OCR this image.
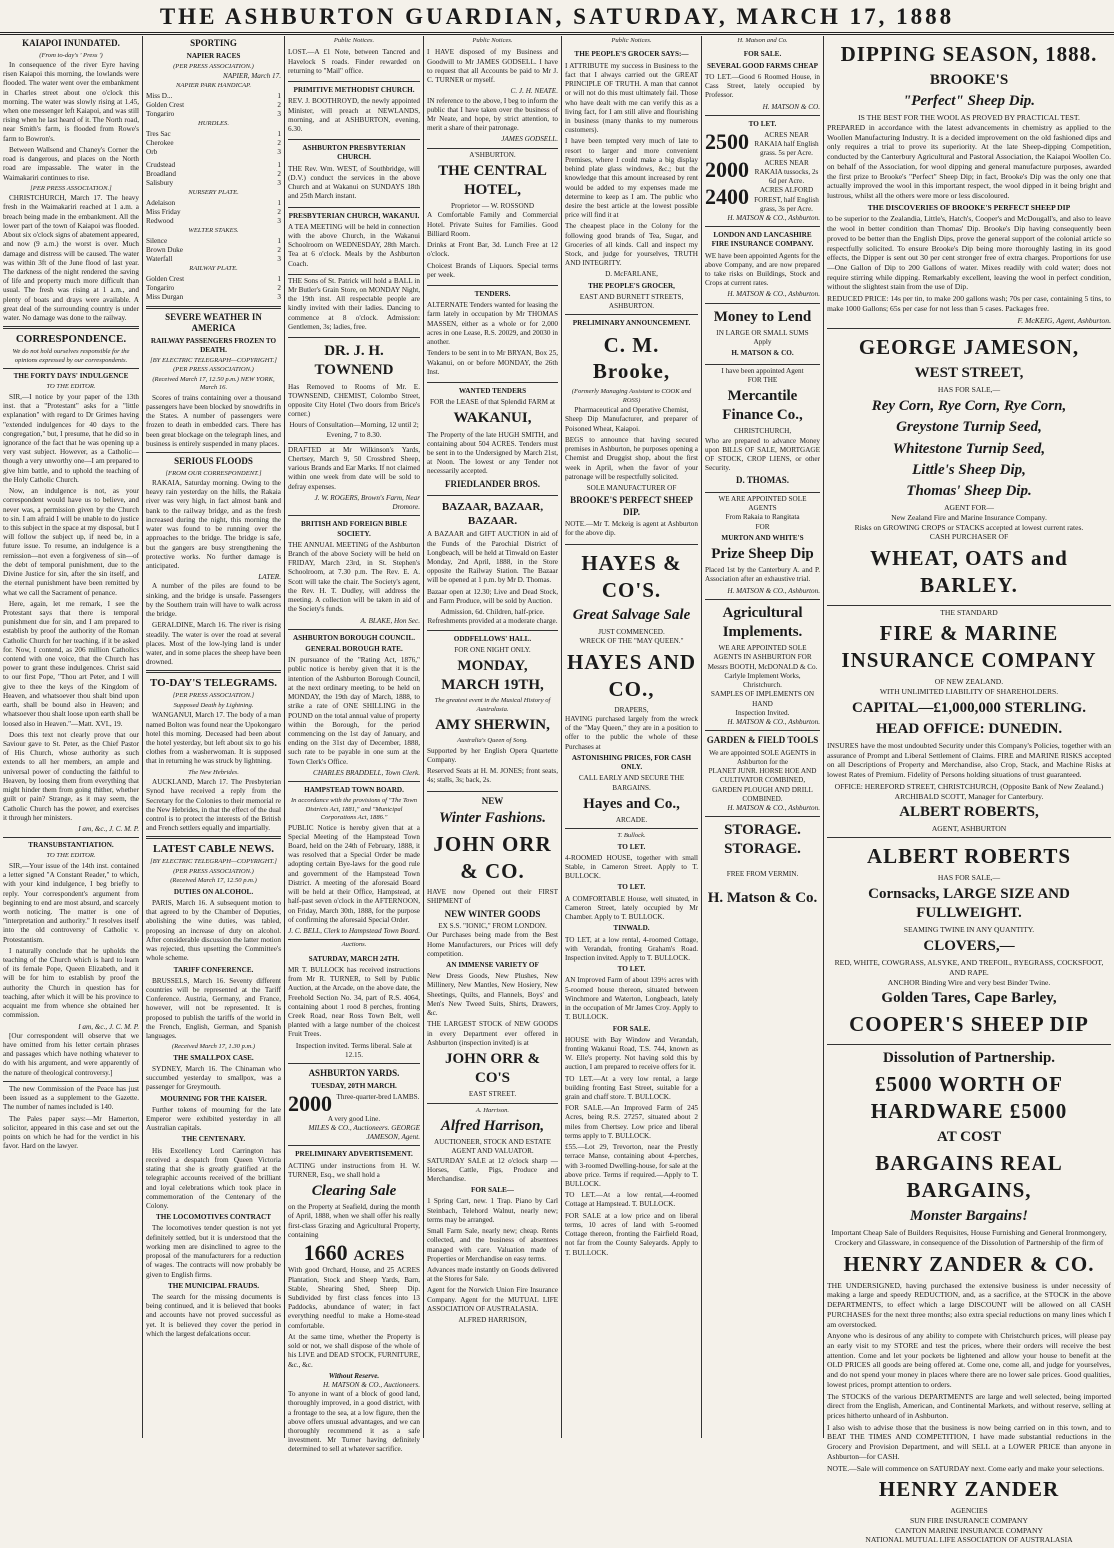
THE ASHBURTON GUARDIAN, SATURDAY, MARCH 17, 1888
KAIAPOI INUNDATED.
(From to-day's ' Press ')

In consequence of the river Eyre having risen Kaiapoi this morning, the lowlands were flooded. The water went over the embankment in Charles street about one o'clock this morning. The water was slowly rising at 1.45, when one messenger left Kaiapoi, and was still rising when he last heard of it. The North road, near Smith's farm, is flooded from Rowe's farm to Bowron's.

Between Wallsend and Chaney's Corner the road is dangerous, and places on the North road are impassable. The water in the Waimakariri continues to rise.

[PER PRESS ASSOCIATION.]

CHRISTCHURCH, March 17. The heavy fresh in the Waimakariri reached at 1 a.m. a breach being made in the embankment. All the lower part of the town of Kaiapoi was flooded. About six o'clock signs of abatement appeared, and now (9 a.m.) the worst is over. Much damage and distress will be caused. The water was within 3ft of the June flood of last year. The darkness of the night rendered the saving of life and property much more difficult than usual. The fresh was rising at 1 a.m., and plenty of boats and drays were available. A great deal of the surrounding country is under water. No damage was done to the railway.

CORRESPONDENCE.
We do not hold ourselves responsible for the opinions expressed by our correspondents.
THE FORTY DAYS' INDULGENCE
TO THE EDITOR.

SIR,—I notice by your paper of the 13th inst. that a "Protestant" asks for a "little explanation" with regard to Dr Grimes having "extended indulgences for 40 days to the congregation," but, I presume, that he did so in ignorance of the fact that he was opening up a very vast subject. However, as a Catholic—though a very unworthy one—I am prepared to give him battle, and to uphold the teaching of the Holy Catholic Church.

Now, an indulgence is not, as your correspondent would have us to believe, and never was, a permission given by the Church to sin. I am afraid I will be unable to do justice to this subject in the space at my disposal, but I will follow the subject up, if need be, in a future issue. To resume, an indulgence is a remission—not even a forgiveness of sin—of the debt of temporal punishment, due to the Divine Justice for sin, after the sin itself, and the eternal punishment have been remitted by what we call the Sacrament of penance.

Here, again, let me remark, I see the Protestant says that there is temporal punishment due for sin, and I am prepared to establish by proof the authority of the Roman Catholic Church for her teaching, if it be asked for. Now, I contend, as 206 million Catholics contend with one voice, that the Church has power to grant these indulgences. Christ said to our first Pope, "Thou art Peter, and I will give to thee the keys of the Kingdom of Heaven, and whatsoever thou shalt bind upon earth, shall be bound also in Heaven; and whatsoever thou shalt loose upon earth shall be loosed also in Heaven."—Matt. XVI., 19.

Does this text not clearly prove that our Saviour gave to St. Peter, as the Chief Pastor of His Church, whose authority as such extends to all her members, an ample and universal power of conducting the faithful to Heaven, by loosing them from everything that might hinder them from going thither, whether guilt or pain? Strange, as it may seem, the Catholic Church has the power, and exercises it through her ministers.

I am, &c., J. C. M. P.
TRANSUBSTANTIATION.
TO THE EDITOR.

SIR,—Your issue of the 14th inst. contained a letter signed "A Constant Reader," to which, with your kind indulgence, I beg briefly to reply. Your correspondent's argument from beginning to end are most absurd, and scarcely worth noticing. The matter is one of "interpretation and authority." It resolves itself into the old controversy of Catholic v. Protestantism.

I naturally conclude that he upholds the teaching of the Church which is hard to learn of its female Pope, Queen Elizabeth, and it will be for him to establish by proof the authority the Church in question has for teaching, after which it will be his province to acquaint me from whence she obtained her commission.

I am, &c., J. C. M. P.

[Our correspondent will observe that we have omitted from his letter certain phrases and passages which have nothing whatever to do with his argument, and were apparently of the nature of theological controversy.]

The new Commission of the Peace has just been issued as a supplement to the Gazette. The number of names included is 140.

The Pales paper says:—Mr Hamerton, solicitor, appeared in this case and set out the points on which he had for the verdict in his favor. Hard on the lawyer.

SPORTING
NAPIER RACES
(PER PRESS ASSOCIATION.)
NAPIER, March 17.
NAPIER PARK HANDICAP.
Miss D...	1
Golden Crest	2
Tongariro	3
HURDLES.
Tres Sac	1
Cherokee	2
Orb	3
Crudstead	1
Broadland	2
Salisbury	3
NURSERY PLATE.
Adelaison	1
Miss Friday	2
Redwood	3
WELTER STAKES.
Silence	1
Brown Duke	2
Waterfall	3
RAILWAY PLATE.
Golden Crest	1
Tongariro	2
Miss Durgan	3
SEVERE WEATHER IN AMERICA
RAILWAY PASSENGERS FROZEN TO DEATH.
[BY ELECTRIC TELEGRAPH—COPYRIGHT.]
(PER PRESS ASSOCIATION.)
(Received March 17, 12.50 p.m.) NEW YORK, March 16.

Scores of trains containing over a thousand passengers have been blocked by snowdrifts in the States. A number of passengers were frozen to death in embedded cars. There has been great blockage on the telegraph lines, and business is entirely suspended in many places.

SERIOUS FLOODS
[FROM OUR CORRESPONDENT.]

RAKAIA, Saturday morning. Owing to the heavy rain yesterday on the hills, the Rakaia river was very high, in fact almost bank and bank to the railway bridge, and as the fresh increased during the night, this morning the water was found to be running over the approaches to the bridge. The bridge is safe, but the gangers are busy strengthening the protective works. No further damage is anticipated.

LATER.

A number of the piles are found to be sinking, and the bridge is unsafe. Passengers by the Southern train will have to walk across the bridge.

GERALDINE, March 16. The river is rising steadily. The water is over the road at several places. Most of the low-lying land is under water, and in some places the sheep have been drowned.

TO-DAY'S TELEGRAMS.
[PER PRESS ASSOCIATION.]
Supposed Death by Lightning.

WANGANUI, March 17. The body of a man named Bolton was found near the Upokongaro hotel this morning. Deceased had been about the hotel yesterday, but left about six to go his clothes from a washerwoman. It is supposed that in returning he was struck by lightning.

The New Hebrides.

AUCKLAND, March 17. The Presbyterian Synod have received a reply from the Secretary for the Colonies to their memorial re the New Hebrides, in that the effect of the dual control is to protect the interests of the British and French settlers equally and impartially.

LATEST CABLE NEWS.
[BY ELECTRIC TELEGRAPH—COPYRIGHT.]
(PER PRESS ASSOCIATION.)
(Received March 17, 12.50 p.m.)
DUTIES ON ALCOHOL.

PARIS, March 16. A subsequent motion to that agreed to by the Chamber of Deputies, abolishing the wine duties, was tabled, proposing an increase of duty on alcohol. After considerable discussion the latter motion was rejected, thus upsetting the Committee's whole scheme.

TARIFF CONFERENCE.

BRUSSELS, March 16. Seventy different countries will be represented at the Tariff Conference. Austria, Germany, and France, however, will not be represented. It is proposed to publish the tariffs of the world in the French, English, German, and Spanish languages.

(Received March 17, 1.30 p.m.)
THE SMALLPOX CASE.

SYDNEY, March 16. The Chinaman who succumbed yesterday to smallpox, was a passenger for Greymouth.

MOURNING FOR THE KAISER.

Further tokens of mourning for the late Emperor were exhibited yesterday in all Australian capitals.

THE CENTENARY.

His Excellency Lord Carrington has received a despatch from Queen Victoria stating that she is greatly gratified at the telegraphic accounts received of the brilliant and loyal celebrations which took place in commemoration of the Centenary of the Colony.

THE LOCOMOTIVES CONTRACT

The locomotives tender question is not yet definitely settled, but it is understood that the working men are disinclined to agree to the proposal of the manufacturers for a reduction of wages. The contracts will now probably be given to English firms.

THE MUNICIPAL FRAUDS.

The search for the missing documents is being continued, and it is believed that books and accounts have not proved successful as yet. It is believed they cover the period in which the largest defalcations occur.

Public Notices.

LOST.—A £1 Note, between Tancred and Havelock S roads. Finder rewarded on returning to "Mail" office.

PRIMITIVE METHODIST CHURCH.

REV. J. BOOTHROYD, the newly appointed Minister, will preach at NEWLANDS, morning, and at ASHBURTON, evening, 6.30.

ASHBURTON PRESBYTERIAN CHURCH.

THE Rev. Wm. WEST, of Southbridge, will (D.V.) conduct the services in the above Church and at Wakanui on SUNDAYS 18th and 25th March instant.

PRESBYTERIAN CHURCH, WAKANUI.

A TEA MEETING will be held in connection with the above Church, in the Wakanui Schoolroom on WEDNESDAY, 28th March. Tea at 6 o'clock. Meals by the Ashburton Coach.

THE Sons of St. Patrick will hold a BALL in Mr Butler's Grain Store, on MONDAY Night, the 19th inst. All respectable people are kindly invited with their ladies. Dancing to commence at 8 o'clock. Admission: Gentlemen, 3s; ladies, free.

DR. J. H. TOWNEND

Has Removed to Rooms of Mr. E. TOWNSEND, CHEMIST, Colombo Street, opposite City Hotel (Two doors from Brice's corner.)

Hours of Consultation—Morning, 12 until 2; Evening, 7 to 8.30.

DRAFTED at Mr Wilkinson's Yards, Chertsey, March 9, 50 Crossbred Sheep, various Brands and Ear Marks. If not claimed within one week from date will be sold to defray expenses.

J. W. ROGERS, Brown's Farm, Near Dromore.
BRITISH AND FOREIGN BIBLE SOCIETY.

THE ANNUAL MEETING of the Ashburton Branch of the above Society will be held on FRIDAY, March 23rd, in St. Stephen's Schoolroom, at 7.30 p.m. The Rev. E. A. Scott will take the chair. The Society's agent, the Rev. H. T. Dudley, will address the meeting. A collection will be taken in aid of the Society's funds.

A. BLAKE, Hon Sec.
ASHBURTON BOROUGH COUNCIL.
GENERAL BOROUGH RATE.

IN pursuance of the "Rating Act, 1876," public notice is hereby given that it is the intention of the Ashburton Borough Council, at the next ordinary meeting, to be held on MONDAY, the 19th day of March, 1888, to strike a rate of ONE SHILLING in the POUND on the total annual value of property within the Borough, for the period commencing on the 1st day of January, and ending on the 31st day of December, 1888, such rate to be payable in one sum at the Town Clerk's Office.

CHARLES BRADDELL, Town Clerk.
HAMPSTEAD TOWN BOARD.
In accordance with the provisions of "The Town Districts Act, 1881," and "Municipal Corporations Act, 1886."

PUBLIC Notice is hereby given that at a Special Meeting of the Hampstead Town Board, held on the 24th of February, 1888, it was resolved that a Special Order be made adopting certain Bye-laws for the good rule and government of the Hampstead Town District. A meeting of the aforesaid Board will be held at their Office, Hampstead, at half-past seven o'clock in the AFTERNOON, on Friday, March 30th, 1888, for the purpose of confirming the aforesaid Special Order.

J. C. BELL, Clerk to Hampstead Town Board.
Auctions.
SATURDAY, MARCH 24TH.

MR T. BULLOCK has received instructions from Mr R. TURNER, to Sell by Public Auction, at the Arcade, on the above date, the Freehold Section No. 34, part of R.S. 4064, containing about 1 rood 8 perches, fronting Creek Road, near Ross Town Belt, well planted with a large number of the choicest Fruit Trees.

Inspection invited. Terms liberal. Sale at 12.15.
ASHBURTON YARDS.
TUESDAY, 20TH MARCH.
2000 Three-quarter-bred LAMBS.
A very good Line.
MILES & CO., Auctioneers. GEORGE JAMESON, Agent.
PRELIMINARY ADVERTISEMENT.

ACTING under instructions from H. W. TURNER, Esq., we shall hold a

Clearing Sale

on the Property at Seafield, during the month of April, 1888, when we shall offer his really first-class Grazing and Agricultural Property, containing

1660 ACRES

With good Orchard, House, and 25 ACRES Plantation, Stock and Sheep Yards, Barn, Stable, Shearing Shed, Sheep Dip. Subdivided by first class fences into 13 Paddocks, abundance of water; in fact everything needful to make a Home-stead comfortable.

At the same time, whether the Property is sold or not, we shall dispose of the whole of his LIVE and DEAD STOCK, FURNITURE, &c., &c.

Without Reserve.
H. MATSON & CO., Auctioneers.

To anyone in want of a block of good land, thoroughly improved, in a good district, with a frontage to the sea, at a low figure, then the above offers unusual advantages, and we can thoroughly recommend it as a safe investment. Mr Turner having definitely determined to sell at whatever sacrifice.

Public Notices.

I HAVE disposed of my Business and Goodwill to Mr JAMES GODSELL. I have to request that all Accounts be paid to Mr J. C. TURNER or myself.

C. J. H. NEATE.

IN reference to the above, I beg to inform the public that I have taken over the business of Mr Neate, and hope, by strict attention, to merit a share of their patronage.

JAMES GODSELL.
A'SHBURTON.
THE CENTRAL HOTEL,
Proprietor — W. ROSSOND

A Comfortable Family and Commercial Hotel. Private Suites for Families. Good Billiard Room.

Drinks at Front Bar, 3d. Lunch Free at 12 o'clock.

Choicest Brands of Liquors. Special terms per week.

TENDERS.

ALTERNATE Tenders wanted for leasing the farm lately in occupation by Mr THOMAS MASSEN, either as a whole or for 2,000 acres in one Lease, R.S. 20029, and 20030 in another.

Tenders to be sent in to Mr BRYAN, Box 25, Wakanui, on or before MONDAY, the 26th Inst.

WANTED TENDERS
FOR the LEASE of that Splendid FARM at
WAKANUI,

The Property of the late HUGH SMITH, and containing about 504 ACRES. Tenders must be sent in to the Undersigned by March 21st, at Noon. The lowest or any Tender not necessarily accepted.

FRIEDLANDER BROS.
BAZAAR, BAZAAR, BAZAAR.

A BAZAAR and GIFT AUCTION in aid of the Funds of the Parochial District of Longbeach, will be held at Tinwald on Easter Monday, 2nd April, 1888, in the Store opposite the Railway Station. The Bazaar will be opened at 1 p.m. by Mr D. Thomas.

Bazaar open at 12.30; Live and Dead Stock, and Farm Produce, will be sold by Auction.

Admission, 6d. Children, half-price.
Refreshments provided at a moderate charge.
ODDFELLOWS' HALL.
FOR ONE NIGHT ONLY.
MONDAY, MARCH 19TH,
The greatest event in the Musical History of Australasia.
AMY SHERWIN,
Australia's Queen of Song.

Supported by her English Opera Quartette Company.

Reserved Seats at H. M. JONES; front seats, 4s; stalls, 3s; back, 2s.

NEW
Winter Fashions.
JOHN ORR & CO.

HAVE now Opened out their FIRST SHIPMENT of

NEW WINTER GOODS
EX S.S. "IONIC," FROM LONDON.

Our Purchases being made from the Best Home Manufacturers, our Prices will defy competition.

AN IMMENSE VARIETY OF

New Dress Goods, New Plushes, New Millinery, New Mantles, New Hosiery, New Sheetings, Quilts, and Flannels, Boys' and Men's New Tweed Suits, Shirts, Drawers, &c.

THE LARGEST STOCK of NEW GOODS in every Department ever offered in Ashburton (inspection invited) is at

JOHN ORR & CO'S
EAST STREET.
A. Harrison.
Alfred Harrison,
AUCTIONEER, STOCK AND ESTATE AGENT AND VALUATOR.

SATURDAY SALE at 12 o'clock sharp — Horses, Cattle, Pigs, Produce and Merchandise.

FOR SALE—

1 Spring Cart, new. 1 Trap. Piano by Carl Steinbach, Telehord Walnut, nearly new; terms may be arranged.

Small Farm Sale, nearly new; cheap. Rents collected, and the business of absentees managed with care. Valuation made of Properties or Merchandise on easy terms.

Advances made instantly on Goods delivered at the Stores for Sale.

Agent for the Norwich Union Fire Insurance Company. Agent for the MUTUAL LIFE ASSOCIATION OF AUSTRALASIA.

ALFRED HARRISON,
Public Notices.
THE PEOPLE'S GROCER SAYS:—

I ATTRIBUTE my success in Business to the fact that I always carried out the GREAT PRINCIPLE OF TRUTH. A man that cannot or will not do this must ultimately fail. Those who have dealt with me can verify this as a living fact, for I am still alive and flourishing in business (many thanks to my numerous customers).

I have been tempted very much of late to resort to larger and more convenient Premises, where I could make a big display behind plate glass windows, &c.; but the knowledge that this amount increased by rent would be added to my expenses made me determine to keep as I am. The public who desire the best article at the lowest possible price will find it at

The cheapest place in the Colony for the following good brands of Tea, Sugar, and Groceries of all kinds. Call and inspect my Stock, and judge for yourselves, TRUTH AND INTEGRITY.

D. McFARLANE,
THE PEOPLE'S GROCER,
EAST AND BURNETT STREETS, ASHBURTON.
PRELIMINARY ANNOUNCEMENT.
C. M. Brooke,
(Formerly Managing Assistant to COOK and ROSS)
Pharmaceutical and Operative Chemist,

Sheep Dip Manufacturer, and preparer of Poisoned Wheat, Kaiapoi.

BEGS to announce that having secured premises in Ashburton, he purposes opening a Chemist and Druggist shop, about the first week in April, when the favor of your patronage will be respectfully solicited.

SOLE MANUFACTURER OF
BROOKE'S PERFECT SHEEP DIP.

NOTE.—Mr T. Mckeig is agent at Ashburton for the above dip.

HAYES & CO'S.
Great Salvage Sale
JUST COMMENCED.
WRECK OF THE "MAY QUEEN."
HAYES AND CO.,
DRAPERS,

HAVING purchased largely from the wreck of the "May Queen," they are in a position to offer to the public the whole of these Purchases at

ASTONISHING PRICES, FOR CASH ONLY.
CALL EARLY AND SECURE THE BARGAINS.
Hayes and Co.,
ARCADE.
T. Bullock.
TO LET.

4-ROOMED HOUSE, together with small Stable, in Cameron Street. Apply to T. BULLOCK.

TO LET.

A COMFORTABLE House, well situated, in Cameron Street, lately occupied by Mr Chamber. Apply to T. BULLOCK.

TINWALD.

TO LET, at a low rental, 4-roomed Cottage, with Verandah, fronting Graham's Road. Inspection invited. Apply to T. BULLOCK.

TO LET.

AN Improved Farm of about 139½ acres with 5-roomed house thereon, situated between Winchmore and Waterton, Longbeach, lately in the occupation of Mr James Croy. Apply to T. BULLOCK.

FOR SALE.

HOUSE with Bay Window and Verandah, fronting Wakanui Road, T.S. 744, known as W. Elle's property. Not having sold this by auction, I am prepared to receive offers for it.

TO LET.—At a very low rental, a large building fronting East Street, suitable for a grain and chaff store. T. BULLOCK.

FOR SALE.—An Improved Farm of 245 Acres, being R.S. 27257, situated about 2 miles from Chertsey. Low price and liberal terms apply to T. BULLOCK.

£55.—Lot 29, Trevorton, near the Prestly terrace Manse, containing about 4-perches, with 3-roomed Dwelling-house, for sale at the above price. Terms if required.—Apply to T. BULLOCK.

TO LET.—At a low rental,—4-roomed Cottage at Hampstead. T. BULLOCK.

FOR SALE at a low price and on liberal terms, 10 acres of land with 5-roomed Cottage thereon, fronting the Fairfield Road, not far from the County Saleyards. Apply to T. BULLOCK.

H. Matson and Co.
FOR SALE.
SEVERAL GOOD FARMS CHEAP

TO LET.—Good 6 Roomed House, in Cass Street, lately occupied by Professor.

H. MATSON & CO.
TO LET.
2500 ACRES NEAR RAKAIA half English grass. 5s per Acre.
2000 ACRES NEAR RAKAIA tussocks, 2s 6d per Acre.
2400 ACRES ALFORD FOREST, half English grass, 3s per Acre.
H. MATSON & CO., Ashburton.
LONDON AND LANCASHIRE FIRE INSURANCE COMPANY.

WE have been appointed Agents for the above Company, and are now prepared to take risks on Buildings, Stock and Crops at current rates.

H. MATSON & CO., Ashburton.
Money to Lend
IN LARGE OR SMALL SUMS
Apply
H. MATSON & CO.
I have been appointed Agent
FOR THE
Mercantile Finance Co.,
CHRISTCHURCH,

Who are prepared to advance Money upon BILLS OF SALE, MORTGAGE OF STOCK, CROP LIENS, or other Security.

D. THOMAS.
WE ARE APPOINTED SOLE AGENTS
From Rakaia to Rangitata
FOR
MURTON AND WHITE'S
Prize Sheep Dip

Placed 1st by the Canterbury A. and P. Association after an exhaustive trial.

H. MATSON & CO., Ashburton.
Agricultural Implements.
WE ARE APPOINTED SOLE AGENTS IN ASHBURTON FOR
Messrs BOOTH, McDONALD & Co. Carlyle Implement Works, Christchurch.
SAMPLES OF IMPLEMENTS ON HAND
Inspection Invited.
H. MATSON & CO., Ashburton.
GARDEN & FIELD TOOLS
We are appointed SOLE AGENTS in Ashburton for the
PLANET JUNR. HORSE HOE AND CULTIVATOR COMBINED, GARDEN PLOUGH AND DRILL COMBINED.
H. MATSON & CO., Ashburton.
STORAGE. STORAGE.
FREE FROM VERMIN.
H. Matson & Co.
DIPPING SEASON, 1888.
BROOKE'S
"Perfect" Sheep Dip.
IS THE BEST FOR THE WOOL AS PROVED BY PRACTICAL TEST.

PREPARED in accordance with the latest advancements in chemistry as applied to the Woollen Manufacturing Industry. It is a decided improvement on the old fashioned dips and only requires a trial to prove its superiority. At the late Sheep-dipping Competition, conducted by the Canterbury Agricultural and Pastoral Association, the Kaiapoi Woollen Co. on behalf of the Association, for wool dipping and general manufacture purposes, awarded the first prize to Brooke's "Perfect" Sheep Dip; in fact, Brooke's Dip was the only one that actually improved the wool in this important respect, the wool dipped in it being bright and lustrous, whilst all the others were more or less discoloured.

THE DISCOVERIES OF BROOKE'S PERFECT SHEEP DIP

to be superior to the Zealandia, Little's, Hatch's, Cooper's and McDougall's, and also to leave the wool in better condition than Thomas' Dip. Brooke's Dip having consequently been proved to be better than the English Dips, prove the general support of the colonial article so respectfully solicited. To ensure Brooke's Dip being more thoroughly lasting in its good effects, the Dipper is sent out 30 per cent stronger free of extra charges. Proportions for use—One Gallon of Dip to 200 Gallons of water. Mixes readily with cold water; does not require stirring while dipping. Remarkably excellent, leaving the wool in perfect condition, without the slightest stain from the use of Dip.

REDUCED PRICE: 14s per tin, to make 200 gallons wash; 70s per case, containing 5 tins, to make 1000 Gallons; 65s per case for not less than 5 cases. Packages free.

F. McKEIG, Agent, Ashburton.
GEORGE JAMESON,
WEST STREET,
HAS FOR SALE,—
Rey Corn, Rye Corn, Rye Corn,
Greystone Turnip Seed,
Whitestone Turnip Seed,
Little's Sheep Dip,
Thomas' Sheep Dip.
AGENT FOR—
New Zealand Fire and Marine Insurance Company.
Risks on GROWING CROPS or STACKS accepted at lowest current rates.
CASH PURCHASER OF
WHEAT, OATS and BARLEY.
THE STANDARD
FIRE & MARINE INSURANCE COMPANY
OF NEW ZEALAND.
WITH UNLIMITED LIABILITY OF SHAREHOLDERS.
CAPITAL—£1,000,000 STERLING.
HEAD OFFICE: DUNEDIN.

INSURES have the most undoubted Security under this Company's Policies, together with an assurance of Prompt and Liberal Settlement of Claims. FIRE and MARINE RISKS accepted on all Descriptions of Property and Merchandise, also Crop, Stack, and Machine Risks at lowest Rates of Premium. Fidelity of Persons holding situations of trust guaranteed.

OFFICE: HEREFORD STREET, CHRISTCHURCH, (Opposite Bank of New Zealand.) ARCHIBALD SCOTT, Manager for Canterbury.
ALBERT ROBERTS,
AGENT, ASHBURTON
ALBERT ROBERTS
HAS FOR SALE,—
Cornsacks, LARGE SIZE AND FULLWEIGHT.
SEAMING TWINE IN ANY QUANTITY.
CLOVERS,—
RED, WHITE, COWGRASS, ALSYKE, AND TREFOIL, RYEGRASS, COCKSFOOT, AND RAPE.
ANCHOR Binding Wire and very best Binder Twine.
Golden Tares, Cape Barley,
COOPER'S SHEEP DIP
Dissolution of Partnership.
£5000 WORTH OF HARDWARE £5000
AT COST
BARGAINS REAL BARGAINS,
Monster Bargains!
Important Cheap Sale of Builders Requisites, House Furnishing and General Ironmongery, Crockery and Glassware, in consequence of the Dissolution of Partnership of the firm of
HENRY ZANDER & CO.

THE UNDERSIGNED, having purchased the extensive business is under necessity of making a large and speedy REDUCTION, and, as a sacrifice, at the STOCK in the above DEPARTMENTS, to effect which a large DISCOUNT will be allowed on all CASH PURCHASES for the next three months; also extra special reductions on many lines which I am overstocked.

Anyone who is desirous of any ability to compete with Christchurch prices, will please pay an early visit to my STORE and test the prices, where their orders will receive the best attention. Come and let your pockets be lightened and allow your house to benefit at the OLD PRICES all goods are being offered at. Come one, come all, and judge for yourselves, and do not spend your money in places where there are no lower sale prices. Good qualities, lowest prices, prompt attention to orders.

The STOCKS of the various DEPARTMENTS are large and well selected, being imported direct from the English, American, and Continental Markets, and without reserve, selling at prices hitherto unheard of in Ashburton.

I also wish to advise those that the business is now being carried on in this town, and to BEAT THE TIMES AND COMPETITION, I have made substantial reductions in the Grocery and Provision Department, and will SELL at a LOWER PRICE than anyone in Ashburton—for CASH.

NOTE.—Sale will commence on SATURDAY next. Come early and make your selections.

HENRY ZANDER
AGENCIES
SUN FIRE INSURANCE COMPANY
CANTON MARINE INSURANCE COMPANY
NATIONAL MUTUAL LIFE ASSOCIATION OF AUSTRALASIA
